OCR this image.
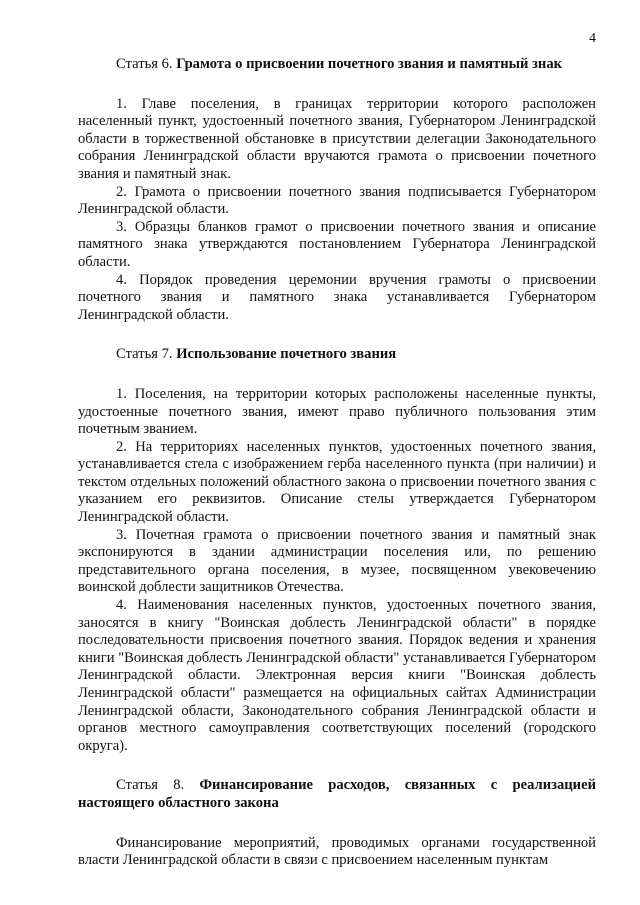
4
Статья 6. Грамота о присвоении почетного звания и памятный знак

1. Главе поселения, в границах территории которого расположен населенный пункт, удостоенный почетного звания, Губернатором Ленинградской области в торжественной обстановке в присутствии делегации Законодательного собрания Ленинградской области вручаются грамота о присвоении почетного звания и памятный знак.

2. Грамота о присвоении почетного звания подписывается Губернатором Ленинградской области.

3. Образцы бланков грамот о присвоении почетного звания и описание памятного знака утверждаются постановлением Губернатора Ленинградской области.

4. Порядок проведения церемонии вручения грамоты о присвоении почетного звания и памятного знака устанавливается Губернатором Ленинградской области.

Статья 7. Использование почетного звания

1. Поселения, на территории которых расположены населенные пункты, удостоенные почетного звания, имеют право публичного пользования этим почетным званием.

2. На территориях населенных пунктов, удостоенных почетного звания, устанавливается стела с изображением герба населенного пункта (при наличии) и текстом отдельных положений областного закона о присвоении почетного звания с указанием его реквизитов. Описание стелы утверждается Губернатором Ленинградской области.

3. Почетная грамота о присвоении почетного звания и памятный знак экспонируются в здании администрации поселения или, по решению представительного органа поселения, в музее, посвященном увековечению воинской доблести защитников Отечества.

4. Наименования населенных пунктов, удостоенных почетного звания, заносятся в книгу "Воинская доблесть Ленинградской области" в порядке последовательности присвоения почетного звания. Порядок ведения и хранения книги "Воинская доблесть Ленинградской области" устанавливается Губернатором Ленинградской области. Электронная версия книги "Воинская доблесть Ленинградской области" размещается на официальных сайтах Администрации Ленинградской области, Законодательного собрания Ленинградской области и органов местного самоуправления соответствующих поселений (городского округа).

Статья 8. Финансирование расходов, связанных с реализацией настоящего областного закона

Финансирование мероприятий, проводимых органами государственной власти Ленинградской области в связи с присвоением населенным пунктам
